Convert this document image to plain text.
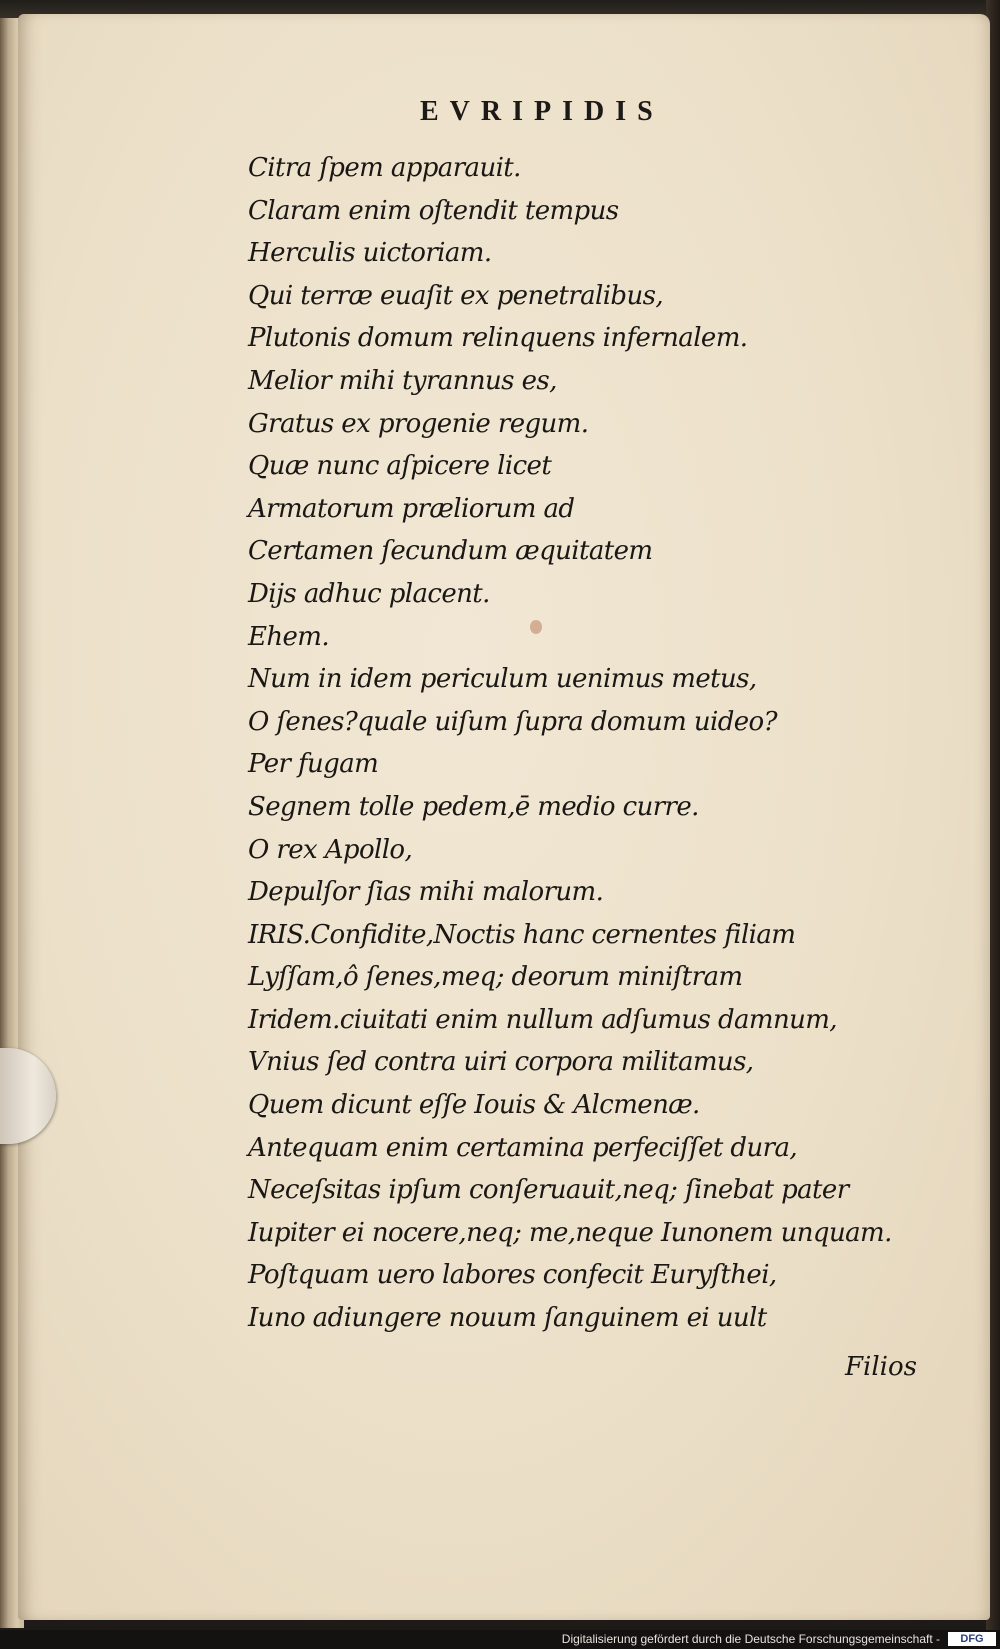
EVRIPIDIS
Citra ſpem apparauit.
Claram enim oſtendit tempus
Herculis uictoriam.
Qui terræ euaſit ex penetralibus,
Plutonis domum relinquens infernalem.
Melior mihi tyrannus es,
Gratus ex progenie regum.
Quæ nunc aſpicere licet
Armatorum præliorum ad
Certamen ſecundum æquitatem
Dijs adhuc placent.
Ehem.
Num in idem periculum uenimus metus,
O ſenes?quale uiſum ſupra domum uideo?
Per fugam
Segnem tolle pedem,ē medio curre.
O rex Apollo,
Depulſor ſias mihi malorum.
IRIS.Confidite,Noctis hanc cernentes filiam
Lyſſam,ô ſenes,meq; deorum miniſtram
Iridem.ciuitati enim nullum adſumus damnum,
Vnius ſed contra uiri corpora militamus,
Quem dicunt eſſe Iouis & Alcmenæ.
Antequam enim certamina perfeciſſet dura,
Neceſsitas ipſum conſeruauit,neq; ſinebat pater
Iupiter ei nocere,neq; me,neque Iunonem unquam.
Poſtquam uero labores confecit Euryſthei,
Iuno adiungere nouum ſanguinem ei uult
Filios
Digitalisierung gefördert durch die Deutsche Forschungsgemeinschaft -	DFG
